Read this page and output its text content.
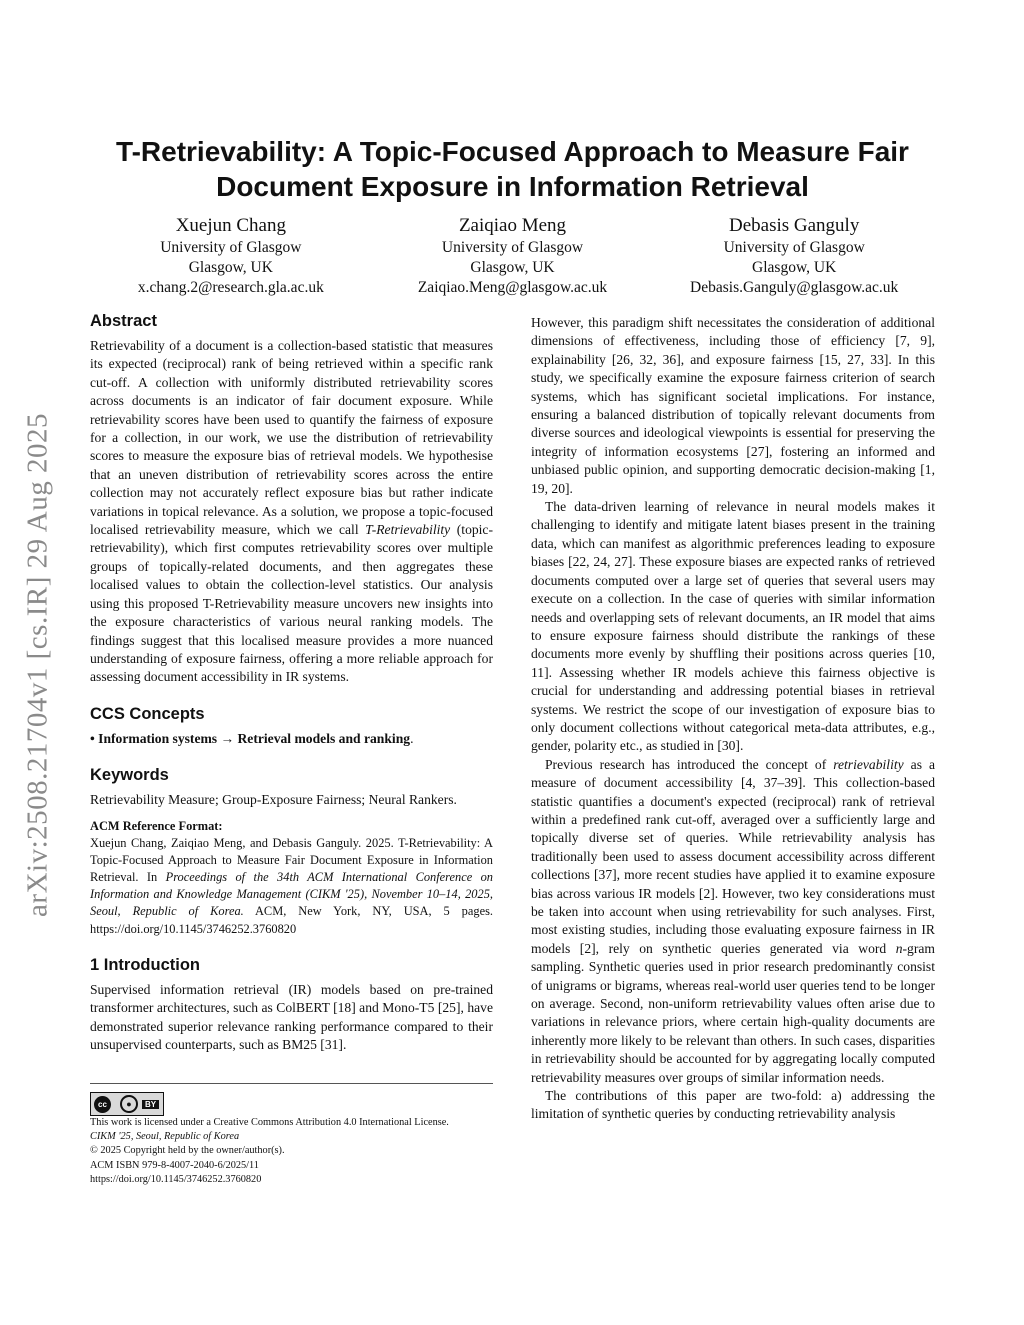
arXiv:2508.21704v1 [cs.IR] 29 Aug 2025
T-Retrievability: A Topic-Focused Approach to Measure Fair
Document Exposure in Information Retrieval
Xuejun Chang
University of Glasgow
Glasgow, UK
x.chang.2@research.gla.ac.uk
Zaiqiao Meng
University of Glasgow
Glasgow, UK
Zaiqiao.Meng@glasgow.ac.uk
Debasis Ganguly
University of Glasgow
Glasgow, UK
Debasis.Ganguly@glasgow.ac.uk
Abstract

Retrievability of a document is a collection-based statistic that measures its expected (reciprocal) rank of being retrieved within a specific rank cut-off. A collection with uniformly distributed retrievability scores across documents is an indicator of fair document exposure. While retrievability scores have been used to quantify the fairness of exposure for a collection, in our work, we use the distribution of retrievability scores to measure the exposure bias of retrieval models. We hypothesise that an uneven distribution of retrievability scores across the entire collection may not accurately reflect exposure bias but rather indicate variations in topical relevance. As a solution, we propose a topic-focused localised retrievability measure, which we call T-Retrievability (topic-retrievability), which first computes retrievability scores over multiple groups of topically-related documents, and then aggregates these localised values to obtain the collection-level statistics. Our analysis using this proposed T-Retrievability measure uncovers new insights into the exposure characteristics of various neural ranking models. The findings suggest that this localised measure provides a more nuanced understanding of exposure fairness, offering a more reliable approach for assessing document accessibility in IR systems.

CCS Concepts

• Information systems → Retrieval models and ranking.

Keywords

Retrievability Measure; Group-Exposure Fairness; Neural Rankers.

ACM Reference Format:

Xuejun Chang, Zaiqiao Meng, and Debasis Ganguly. 2025. T-Retrievability: A Topic-Focused Approach to Measure Fair Document Exposure in Information Retrieval. In Proceedings of the 34th ACM International Conference on Information and Knowledge Management (CIKM '25), November 10–14, 2025, Seoul, Republic of Korea. ACM, New York, NY, USA, 5 pages. https://doi.org/10.1145/3746252.3760820

1 Introduction

Supervised information retrieval (IR) models based on pre-trained transformer architectures, such as ColBERT [18] and Mono-T5 [25], have demonstrated superior relevance ranking performance compared to their unsupervised counterparts, such as BM25 [31].

cc	●	BY

This work is licensed under a Creative Commons Attribution 4.0 International License.

CIKM '25, Seoul, Republic of Korea

© 2025 Copyright held by the owner/author(s).

ACM ISBN 979-8-4007-2040-6/2025/11

https://doi.org/10.1145/3746252.3760820

However, this paradigm shift necessitates the consideration of additional dimensions of effectiveness, including those of efficiency [7, 9], explainability [26, 32, 36], and exposure fairness [15, 27, 33]. In this study, we specifically examine the exposure fairness criterion of search systems, which has significant societal implications. For instance, ensuring a balanced distribution of topically relevant documents from diverse sources and ideological viewpoints is essential for preserving the integrity of information ecosystems [27], fostering an informed and unbiased public opinion, and supporting democratic decision-making [1, 19, 20].

The data-driven learning of relevance in neural models makes it challenging to identify and mitigate latent biases present in the training data, which can manifest as algorithmic preferences leading to exposure biases [22, 24, 27]. These exposure biases are expected ranks of retrieved documents computed over a large set of queries that several users may execute on a collection. In the case of queries with similar information needs and overlapping sets of relevant documents, an IR model that aims to ensure exposure fairness should distribute the rankings of these documents more evenly by shuffling their positions across queries [10, 11]. Assessing whether IR models achieve this fairness objective is crucial for understanding and addressing potential biases in retrieval systems. We restrict the scope of our investigation of exposure bias to only document collections without categorical meta-data attributes, e.g., gender, polarity etc., as studied in [30].

Previous research has introduced the concept of retrievability as a measure of document accessibility [4, 37–39]. This collection-based statistic quantifies a document's expected (reciprocal) rank of retrieval within a predefined rank cut-off, averaged over a sufficiently large and topically diverse set of queries. While retrievability analysis has traditionally been used to assess document accessibility across different collections [37], more recent studies have applied it to examine exposure bias across various IR models [2]. However, two key considerations must be taken into account when using retrievability for such analyses. First, most existing studies, including those evaluating exposure fairness in IR models [2], rely on synthetic queries generated via word n-gram sampling. Synthetic queries used in prior research predominantly consist of unigrams or bigrams, whereas real-world user queries tend to be longer on average. Second, non-uniform retrievability values often arise due to variations in relevance priors, where certain high-quality documents are inherently more likely to be relevant than others. In such cases, disparities in retrievability should be accounted for by aggregating locally computed retrievability measures over groups of similar information needs.

The contributions of this paper are two-fold: a) addressing the limitation of synthetic queries by conducting retrievability analysis
